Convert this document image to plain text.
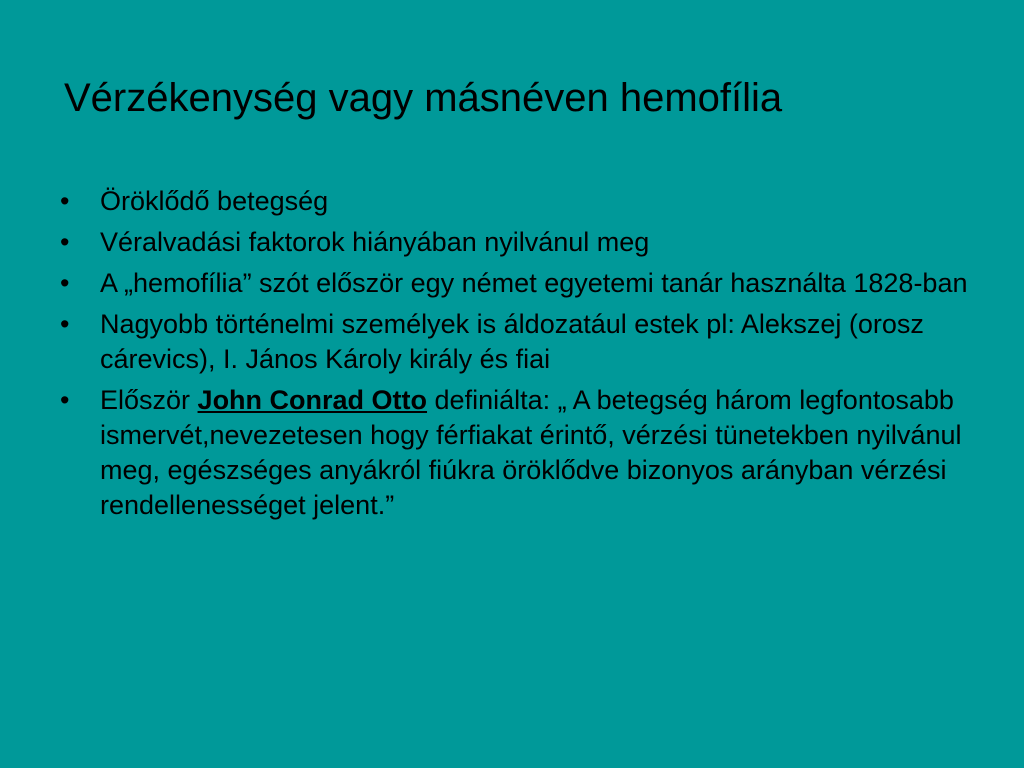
Vérzékenység vagy másnéven hemofília
• Öröklődő betegség
• Véralvadási faktorok hiányában nyilvánul meg
• A „hemofília” szót először egy német egyetemi tanár használta 1828-ban
• Nagyobb történelmi személyek is áldozatául estek pl: Alekszej (orosz cárevics), I. János Károly király és fiai
• Először John Conrad Otto definiálta: „ A betegség három legfontosabb ismervét,nevezetesen hogy férfiakat érintő, vérzési tünetekben nyilvánul meg, egészséges anyákról fiúkra öröklődve bizonyos arányban vérzési rendellenességet jelent.”
